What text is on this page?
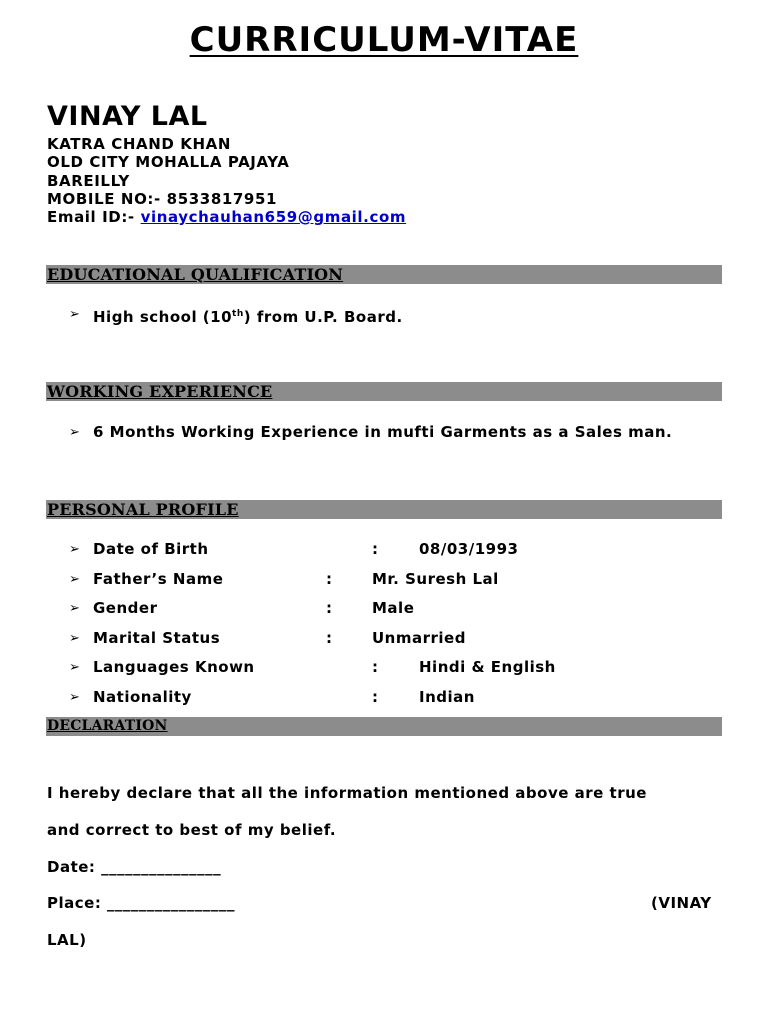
CURRICULUM-VITAE
VINAY LAL
KATRA CHAND KHAN
OLD CITY MOHALLA PAJAYA
BAREILLY
MOBILE NO:- 8533817951
Email ID:- vinaychauhan659@gmail.com
EDUCATIONAL QUALIFICATION
➢ High school (10th) from U.P. Board.
WORKING EXPERIENCE
➢ 6 Months Working Experience in mufti Garments as a Sales man.
PERSONAL PROFILE
➢ Date of Birth	:	08/03/1993
➢ Father’s Name	:	Mr. Suresh Lal
➢ Gender	:	Male
➢ Marital Status	:	Unmarried
➢ Languages Known	:	Hindi & English
➢ Nationality	:	Indian
DECLARATION
I hereby declare that all the information mentioned above are true
and correct to best of my belief.
Date: _______________
Place: ________________	(VINAY
LAL)
